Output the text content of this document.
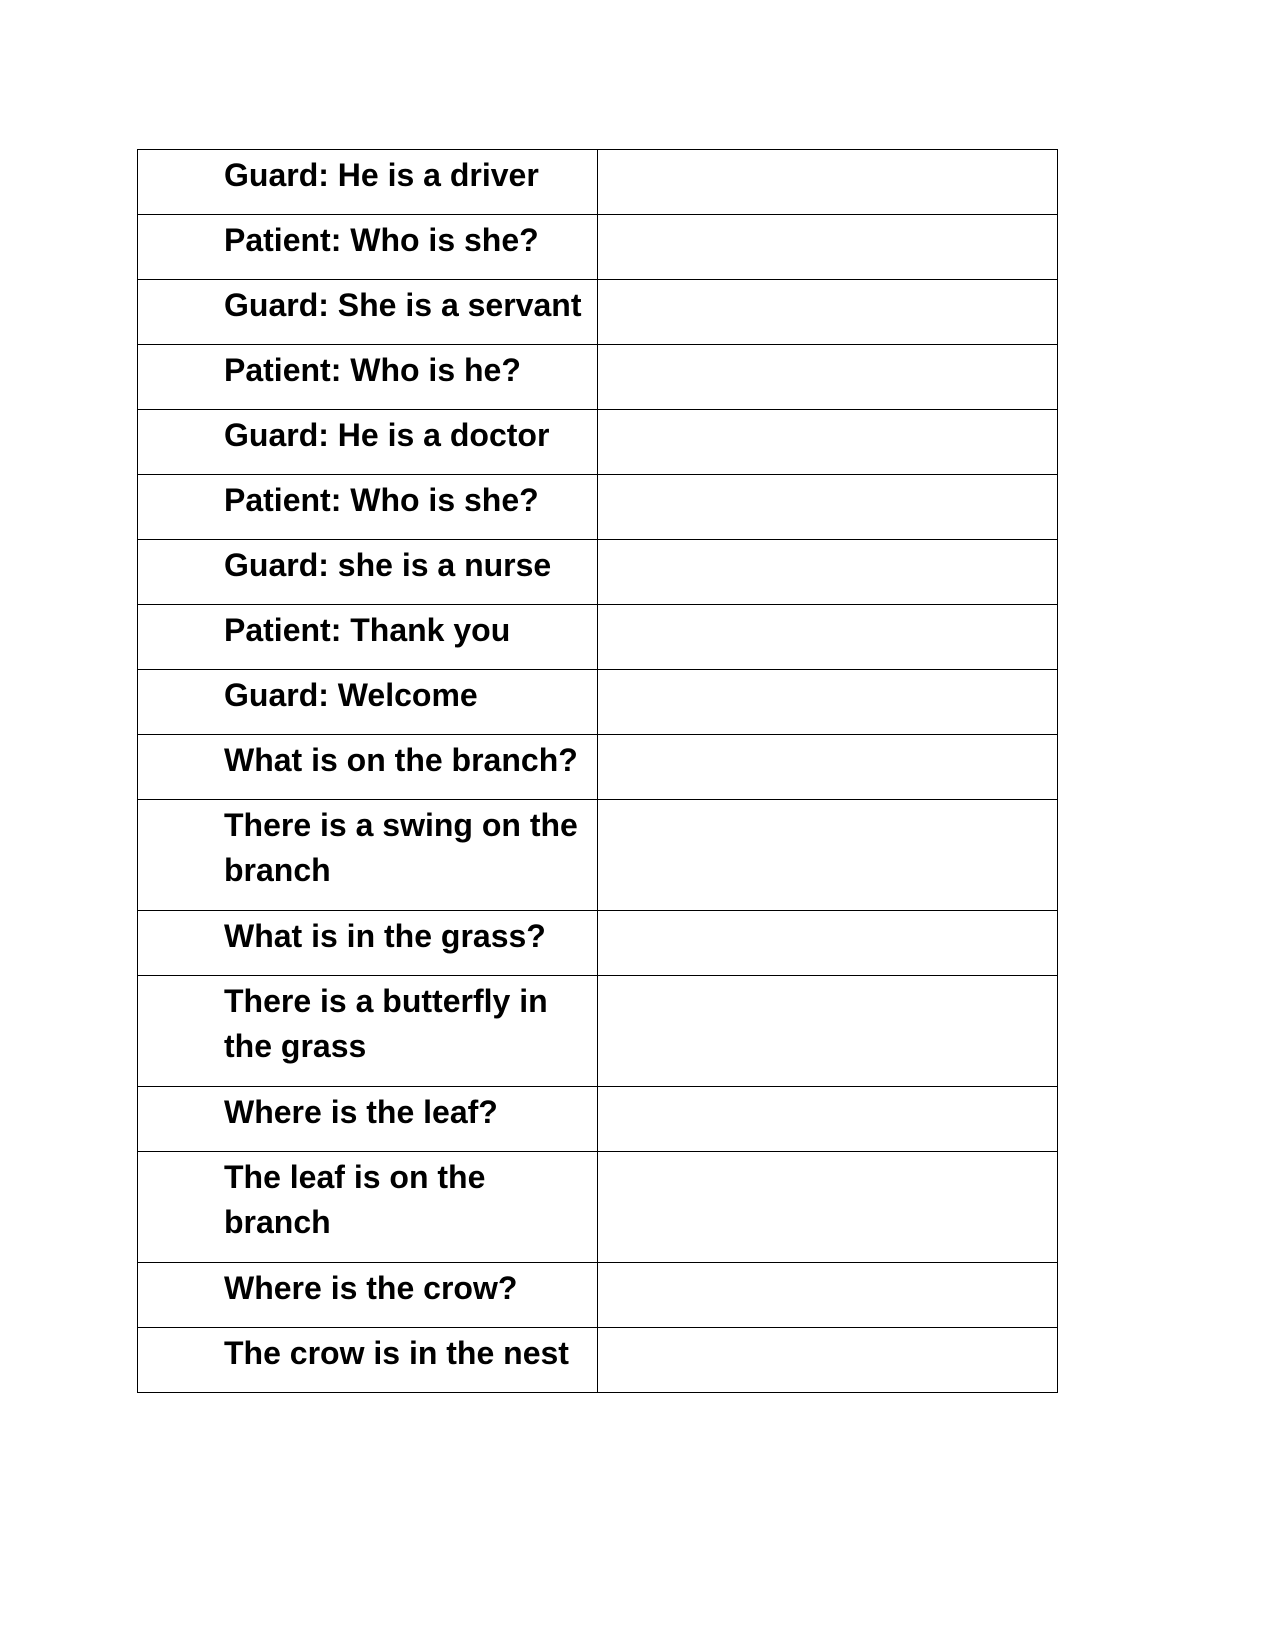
Guard: He is a driver	

Patient: Who is she?	

Guard: She is a servant	

Patient: Who is he?	

Guard: He is a doctor	

Patient: Who is she?	

Guard: she is a nurse	

Patient: Thank you	

Guard: Welcome	

What is on the branch?	

There is a swing on the
branch	

What is in the grass?	

There is a butterfly in
the grass	

Where is the leaf?	

The leaf is on the
branch	

Where is the crow?	

The crow is in the nest	
